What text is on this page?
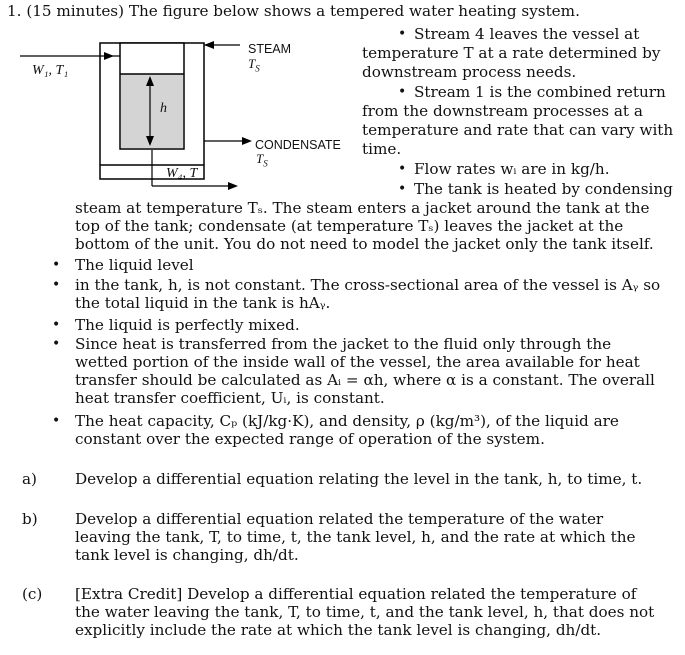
1. (15 minutes) The figure below shows a tempered water heating system.
W₁, T₁
h
W₄, T
STEAM
$T_S$
CONDENSATE
$T_S$
• Stream 4 leaves the vessel at
temperature T at a rate determined by
downstream process needs.
• Stream 1 is the combined return
from the downstream processes at a
temperature and rate that can vary with
time.
• Flow rates wᵢ are in kg/h.
• The tank is heated by condensing
steam at temperature Tₛ. The steam enters a jacket around the tank at the top of the tank; condensate (at temperature Tₛ) leaves the jacket at the bottom of the unit. You do not need to model the jacket only the tank itself.
• The liquid level
• in the tank, h, is not constant. The cross-sectional area of the vessel is Aᵧ so the total liquid in the tank is hAᵧ.
• The liquid is perfectly mixed.
• Since heat is transferred from the jacket to the fluid only through the wetted portion of the inside wall of the vessel, the area available for heat transfer should be calculated as Aᵢ = αh, where α is a constant. The overall heat transfer coefficient, Uᵢ, is constant.
• The heat capacity, Cₚ (kJ/kg·K), and density, ρ (kg/m³), of the liquid are constant over the expected range of operation of the system.
a)	Develop a differential equation relating the level in the tank, h, to time, t.
b) Develop a differential equation related the temperature of the water leaving the tank, T, to time, t, the tank level, h, and the rate at which the tank level is changing, dh/dt.
(c) [Extra Credit] Develop a differential equation related the temperature of the water leaving the tank, T, to time, t, and the tank level, h, that does not explicitly include the rate at which the tank level is changing, dh/dt.
